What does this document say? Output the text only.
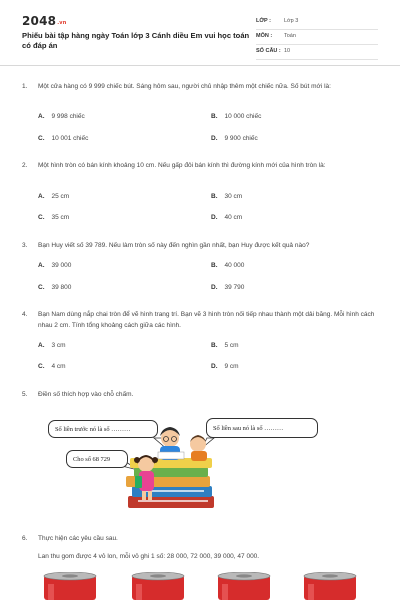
2048.vn
Phiếu bài tập hàng ngày Toán lớp 3 Cánh diều Em vui học toán có đáp án
LỚP : Lớp 3
MÔN : Toán
SỐ CÂU : 10
1. Một cửa hàng có 9 999 chiếc bút. Sáng hôm sau, người chủ nhập thêm một chiếc nữa. Số bút mới là:
A. 9 998 chiếc	B. 10 000 chiếc
C. 10 001 chiếc	D. 9 900 chiếc
2. Một hình tròn có bán kính khoảng 10 cm. Nếu gấp đôi bán kính thì đường kính mới của hình tròn là:
A. 25 cm	B. 30 cm
C. 35 cm	D. 40 cm
3. Bạn Huy viết số 39 789. Nếu làm tròn số này đến nghìn gần nhất, bạn Huy được kết quả nào?
A. 39 000	B. 40 000
C. 39 800	D. 39 790
4. Bạn Nam dùng nắp chai tròn để vẽ hình trang trí. Bạn vẽ 3 hình tròn nối tiếp nhau thành một dải băng. Mỗi hình cách nhau 2 cm. Tính tổng khoảng cách giữa các hình.
A. 3 cm	B. 5 cm
C. 4 cm	D. 9 cm
5. Điền số thích hợp vào chỗ chấm.
Số liền trước nó là số ………	Số liền sau nó là số ………
Cho số 68 729
6. Thực hiện các yêu cầu sau.
Lan thu gom được 4 vỏ lon, mỗi vỏ ghi 1 số: 28 000, 72 000, 39 000, 47 000.
